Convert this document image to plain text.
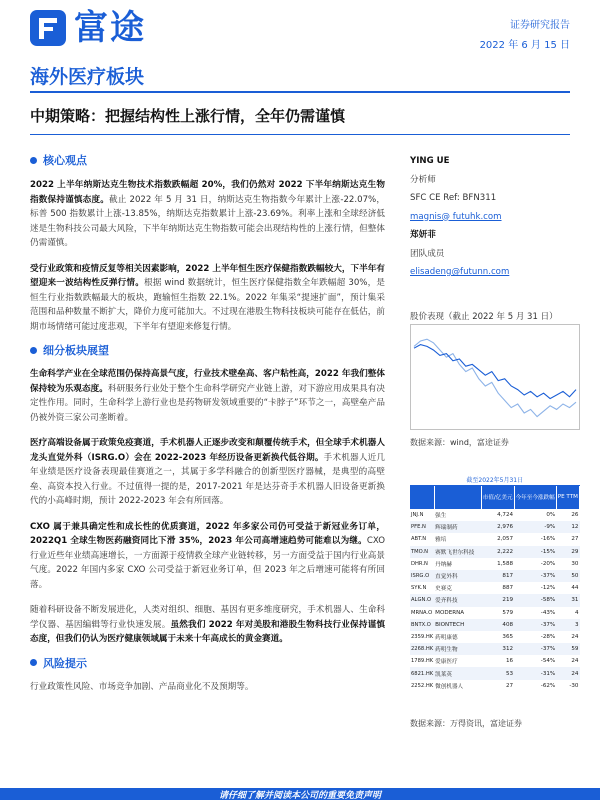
富途	证券研究报告
2022 年 6 月 15 日
海外医疗板块
中期策略：把握结构性上涨行情，全年仍需谨慎
核心观点

2022 上半年纳斯达克生物技术指数跌幅超 20%，我们仍然对 2022 下半年纳斯达克生物指数保持谨慎态度。截止 2022 年 5 月 31 日，纳斯达克生物指数今年累计上涨-22.07%，标普 500 指数累计上涨-13.85%，纳斯达克指数累计上涨-23.69%。利率上涨和全球经济低迷是生物科技公司最大风险，下半年纳斯达克生物指数可能会出现结构性的上涨行情，但整体仍需谨慎。

受行业政策和疫情反复等相关因素影响，2022 上半年恒生医疗保健指数跌幅较大，下半年有望迎来一波结构性反弹行情。根据 wind 数据统计，恒生医疗保健指数全年跌幅超 30%，是恒生行业指数跌幅最大的板块，跑输恒生指数 22.1%。2022 年集采“提速扩面”，预计集采范围和品种数量不断扩大，降价力度可能加大。不过现在港股生物科技板块可能存在低估，前期市场情绪可能过度悲观，下半年有望迎来修复行情。

细分板块展望

生命科学产业在全球范围仍保持高景气度，行业技术壁垒高、客户粘性高，2022 年我们整体保持较为乐观态度。科研服务行业处于整个生命科学研究产业链上游，对下游应用成果具有决定性作用。同时，生命科学上游行业也是药物研发领域重要的“卡脖子”环节之一，高壁垒产品仍被外资三家公司垄断着。

医疗高端设备属于政策免疫赛道，手术机器人正逐步改变和颠覆传统手术，但全球手术机器人龙头直觉外科（ISRG.O）会在 2022-2023 年经历设备更新换代低谷期。手术机器人近几年业绩是医疗设备表现最佳赛道之一，其属于多学科融合的创新型医疗器械，是典型的高壁垒、高资本投入行业。不过值得一提的是，2017-2021 年是达芬奇手术机器人旧设备更新换代的小高峰时期，预计 2022-2023 年会有所回落。

CXO 属于兼具确定性和成长性的优质赛道，2022 年多家公司仍可受益于新冠业务订单，2022Q1 全球生物医药融资同比下滑 35%，2023 年公司高增速趋势可能难以为继。CXO 行业近些年业绩高速增长，一方面源于疫情救全球产业链转移，另一方面受益于国内行业高景气度。2022 年国内多家 CXO 公司受益于新冠业务订单，但 2023 年之后增速可能将有所回落。

随着科研设备不断发展进化，人类对组织、细胞、基因有更多维度研究，手术机器人、生命科学仪器、基因编辑等行业快速发展。虽然我们 2022 年对美股和港股生物科技行业保持谨慎态度，但我们仍认为医疗健康领域属于未来十年高成长的黄金赛道。

风险提示

行业政策性风险、市场竞争加剧、产品商业化不及预期等。

YING UE
分析师
SFC CE Ref: BFN311
magnis@ futuhk.com
郑妍菲
团队成员
elisadeng@futunn.com
股价表现（截止 2022 年 5 月 31 日）
数据来源：wind，富途证券
截至2022年5月31日				
		市值/亿美元	今年至今涨跌幅	PE TTM
JNJ.N	强生	4,724	0%	26
PFE.N	辉瑞制药	2,976	-9%	12
ABT.N	雅培	2,057	-16%	27
TMO.N	赛默飞世尔科技	2,222	-15%	29
DHR.N	丹纳赫	1,588	-20%	30
ISRG.O	直觉外科	817	-37%	50
SYK.N	史赛克	887	-12%	44
ALGN.O	爱齐科技	219	-58%	31
MRNA.O	MODERNA	579	-43%	4
BNTX.O	BIONTECH	408	-37%	3
2359.HK	药明康德	365	-28%	24
2268.HK	药明生物	312	-37%	59
1789.HK	爱康医疗	16	-54%	24
6821.HK	凯莱英	53	-31%	24
2252.HK	微创机器人	27	-62%	-30
数据来源：万得资讯，富途证券
请仔细了解并阅读本公司的重要免责声明
